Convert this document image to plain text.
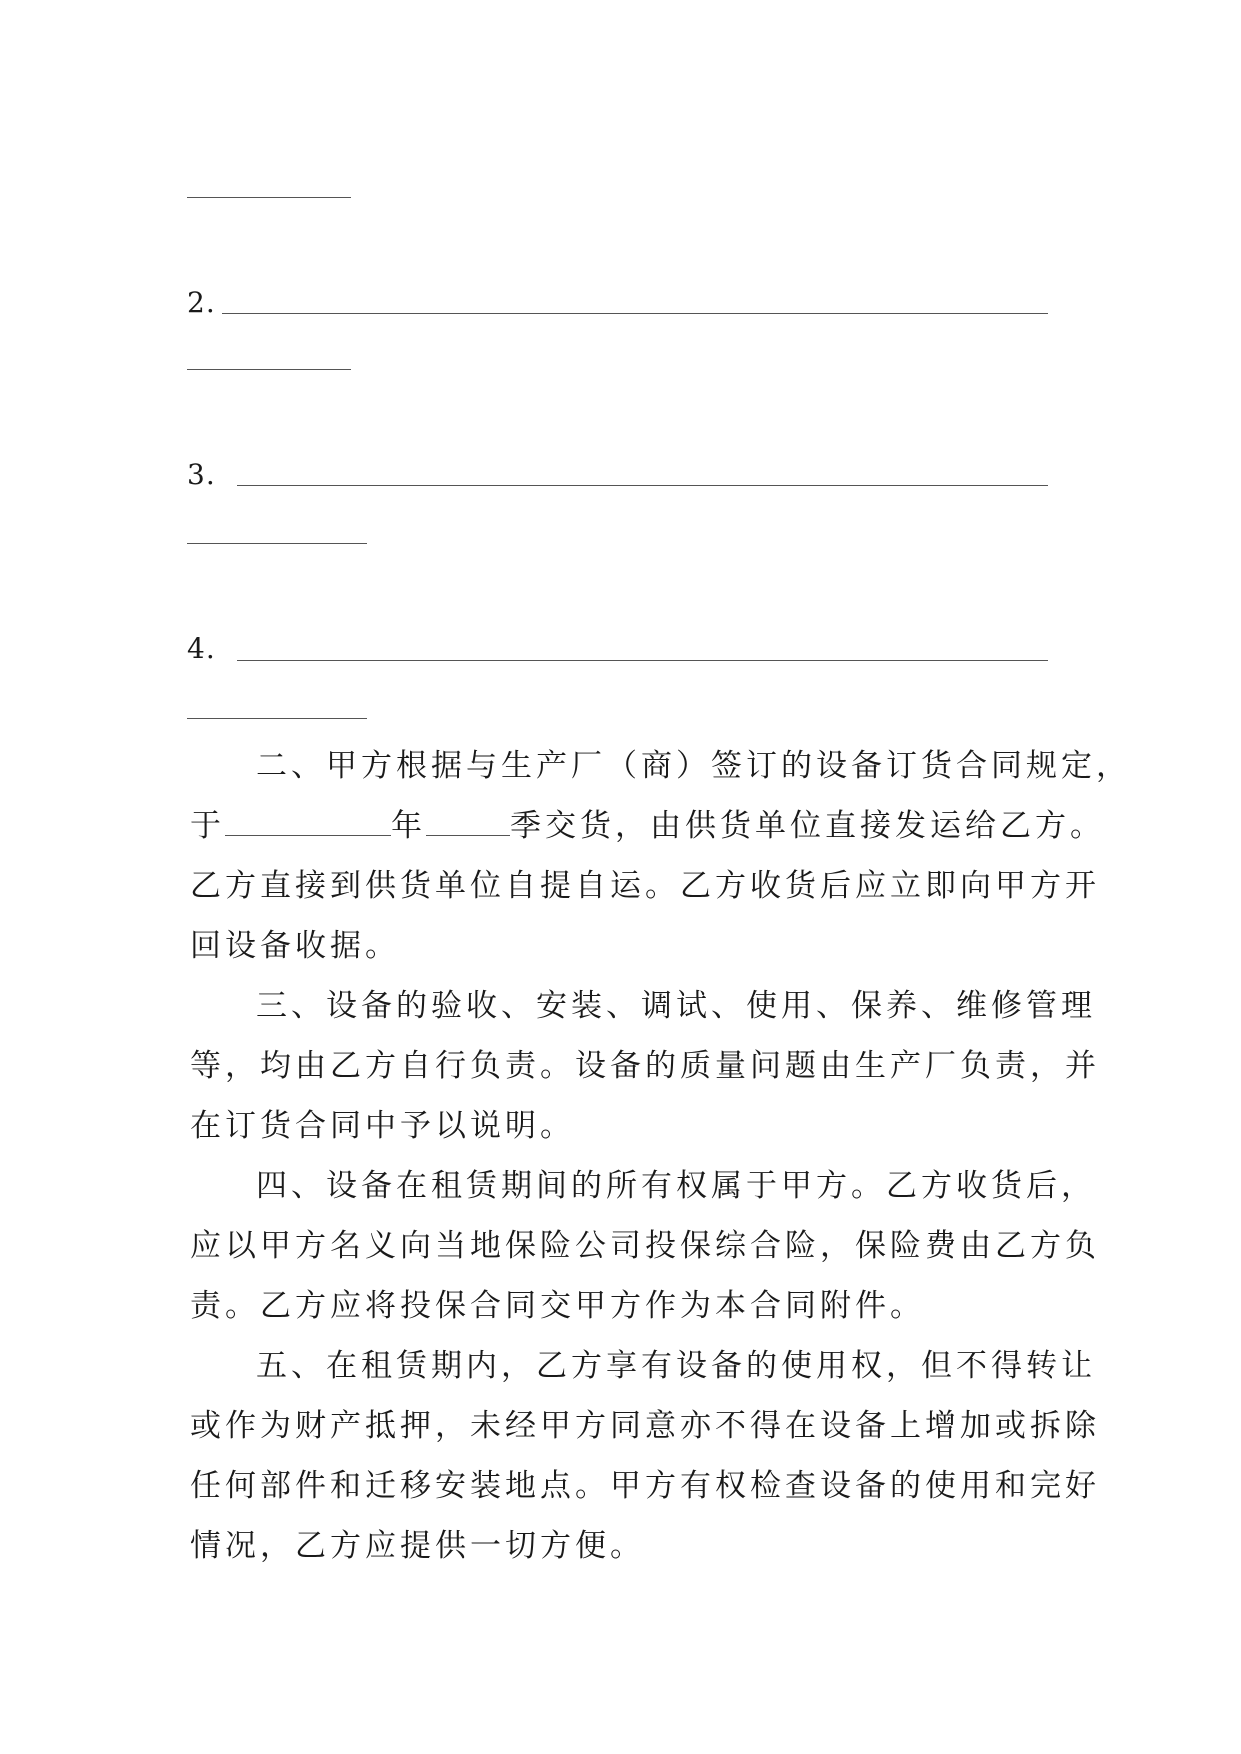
2.
3.
4.
二、甲方根据与生产厂（商）签订的设备订货合同规定，
于	年	季交货，由供货单位直接发运给乙方。
乙方直接到供货单位自提自运。乙方收货后应立即向甲方开
回设备收据。
三、设备的验收、安装、调试、使用、保养、维修管理
等，均由乙方自行负责。设备的质量问题由生产厂负责，并
在订货合同中予以说明。
四、设备在租赁期间的所有权属于甲方。乙方收货后，
应以甲方名义向当地保险公司投保综合险，保险费由乙方负
责。乙方应将投保合同交甲方作为本合同附件。
五、在租赁期内，乙方享有设备的使用权，但不得转让
或作为财产抵押，未经甲方同意亦不得在设备上增加或拆除
任何部件和迁移安装地点。甲方有权检查设备的使用和完好
情况，乙方应提供一切方便。
